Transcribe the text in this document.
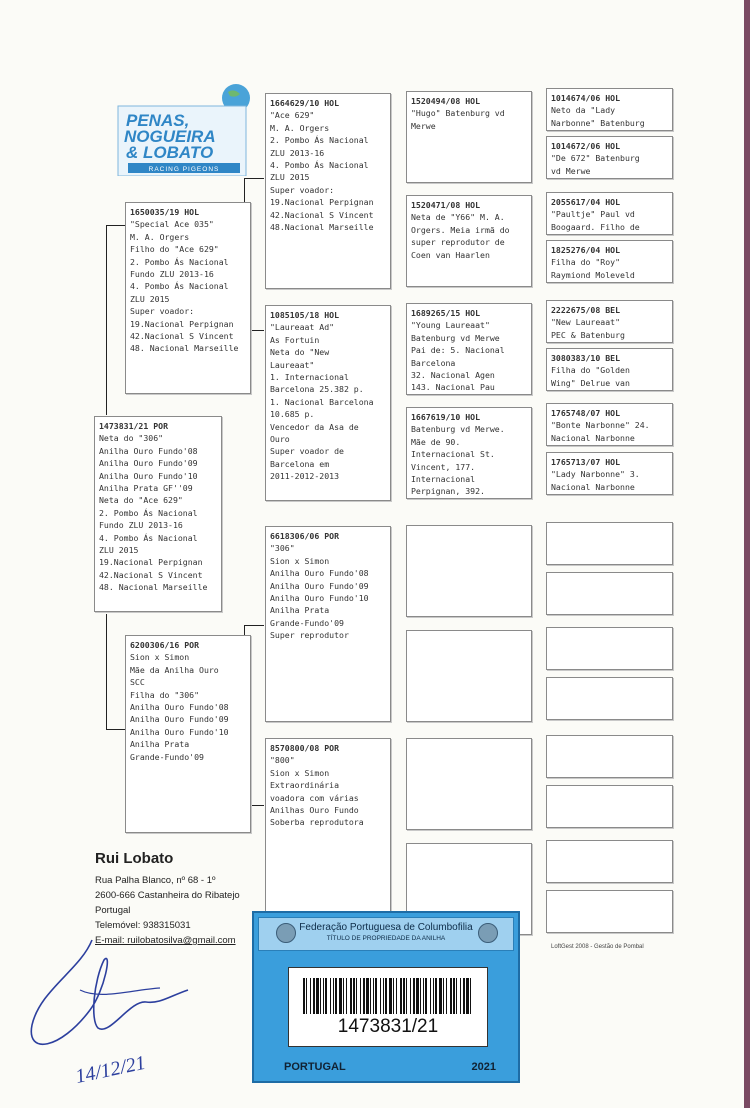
PENAS,
NOGUEIRA
& LOBATO
RACING PIGEONS
1473831/21 POR
Neta do "306"
Anilha Ouro Fundo'08
Anilha Ouro Fundo'09
Anilha Ouro Fundo'10
Anilha Prata GF''09
Neta do "Ace 629"
2. Pombo Ás Nacional
Fundo ZLU 2013-16
4. Pombo Ás Nacional
ZLU 2015
19.Nacional Perpignan
42.Nacional S Vincent
48. Nacional Marseille
1650035/19 HOL
"Special Ace 035"
M. A. Orgers
Filho do "Ace 629"
2. Pombo Ás Nacional
Fundo ZLU 2013-16
4. Pombo Ás Nacional
ZLU 2015
Super voador:
19.Nacional Perpignan
42.Nacional S Vincent
48. Nacional Marseille
6200306/16 POR
Sion x Simon
Mãe da Anilha Ouro
SCC
Filha do "306"
Anilha Ouro Fundo'08
Anilha Ouro Fundo'09
Anilha Ouro Fundo'10
Anilha Prata
Grande-Fundo'09
1664629/10 HOL
"Ace 629"
M. A. Orgers
2. Pombo Ás Nacional
ZLU 2013-16
4. Pombo Ás Nacional
ZLU 2015
Super voador:
19.Nacional Perpignan
42.Nacional S Vincent
48.Nacional Marseille
1085105/18 HOL
"Laureaat Ad"
As Fortuin
Neta do "New
Laureaat"
1. Internacional
Barcelona 25.382 p.
1. Nacional Barcelona
10.685 p.
Vencedor da Asa de
Ouro
Super voador de
Barcelona em
2011-2012-2013
6618306/06 POR
"306"
Sion x Simon
Anilha Ouro Fundo'08
Anilha Ouro Fundo'09
Anilha Ouro Fundo'10
Anilha Prata
Grande-Fundo'09
Super reprodutor
8570800/08 POR
"800"
Sion x Simon
Extraordinária
voadora com várias
Anilhas Ouro Fundo
Soberba reprodutora
1520494/08 HOL
"Hugo" Batenburg vd
Merwe
1520471/08 HOL
Neta de "Y66" M. A.
Orgers. Meia irmã do
super reprodutor de
Coen van Haarlen
1689265/15 HOL
"Young Laureaat"
Batenburg vd Merwe
Pai de: 5. Nacional
Barcelona
32. Nacional Agen
143. Nacional Pau
1667619/10 HOL
Batenburg vd Merwe.
Mãe de 90.
Internacional St.
Vincent, 177.
Internacional
Perpignan, 392.
1014674/06 HOL
Neto da "Lady
Narbonne" Batenburg
1014672/06 HOL
"De 672" Batenburg
vd Merwe
2055617/04 HOL
"Paultje" Paul vd
Boogaard. Filho de
1825276/04 HOL
Filha do "Roy"
Raymiond Moleveld
2222675/08 BEL
"New Laureaat"
PEC & Batenburg
3080383/10 BEL
Filha do "Golden
Wing" Delrue van
1765748/07 HOL
"Bonte Narbonne" 24.
Nacional Narbonne
1765713/07 HOL
"Lady Narbonne" 3.
Nacional Narbonne
Rui Lobato
Rua Palha Blanco, nº 68 - 1º
2600-666 Castanheira do Ribatejo
Portugal
Telemóvel: 938315031
E-mail: ruilobatosilva@gmail.com
LoftGest 2008 - Gestão de Pombal
Federação Portuguesa de Columbofilia
TÍTULO DE PROPRIEDADE DA ANILHA
1473831/21
PORTUGAL	2021
14/12/21
